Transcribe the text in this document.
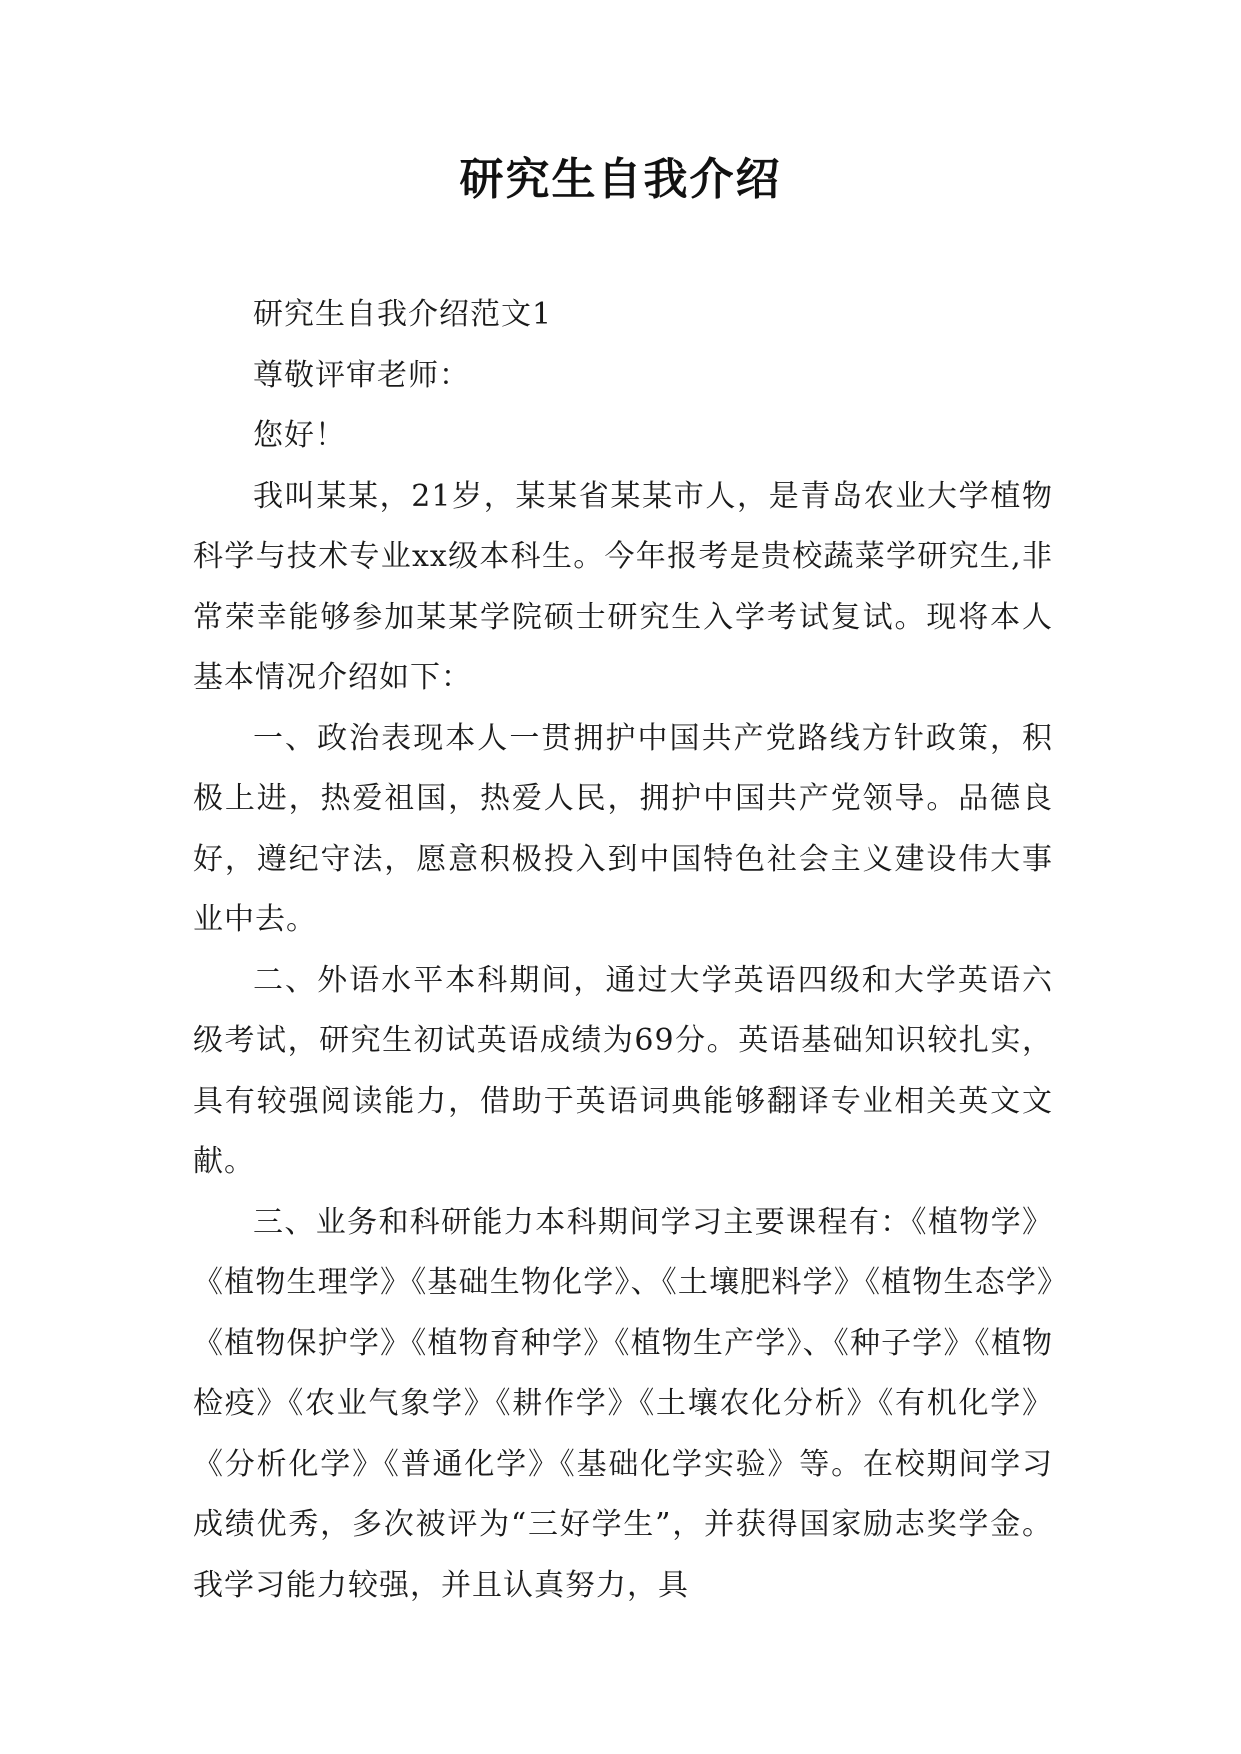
研究生自我介绍

研究生自我介绍范文1

尊敬评审老师：

您好！

我叫某某，21岁，某某省某某市人，是青岛农业大学植物科学与技术专业xx级本科生。今年报考是贵校蔬菜学研究生,非常荣幸能够参加某某学院硕士研究生入学考试复试。现将本人基本情况介绍如下：

一、政治表现本人一贯拥护中国共产党路线方针政策，积极上进，热爱祖国，热爱人民，拥护中国共产党领导。品德良好，遵纪守法，愿意积极投入到中国特色社会主义建设伟大事业中去。

二、外语水平本科期间，通过大学英语四级和大学英语六级考试，研究生初试英语成绩为69分。英语基础知识较扎实，具有较强阅读能力，借助于英语词典能够翻译专业相关英文文献。

三、业务和科研能力本科期间学习主要课程有：《植物学》《植物生理学》《基础生物化学》、《土壤肥料学》《植物生态学》《植物保护学》《植物育种学》《植物生产学》、《种子学》《植物检疫》《农业气象学》《耕作学》《土壤农化分析》《有机化学》《分析化学》《普通化学》《基础化学实验》等。在校期间学习成绩优秀，多次被评为“三好学生”，并获得国家励志奖学金。我学习能力较强，并且认真努力，具
